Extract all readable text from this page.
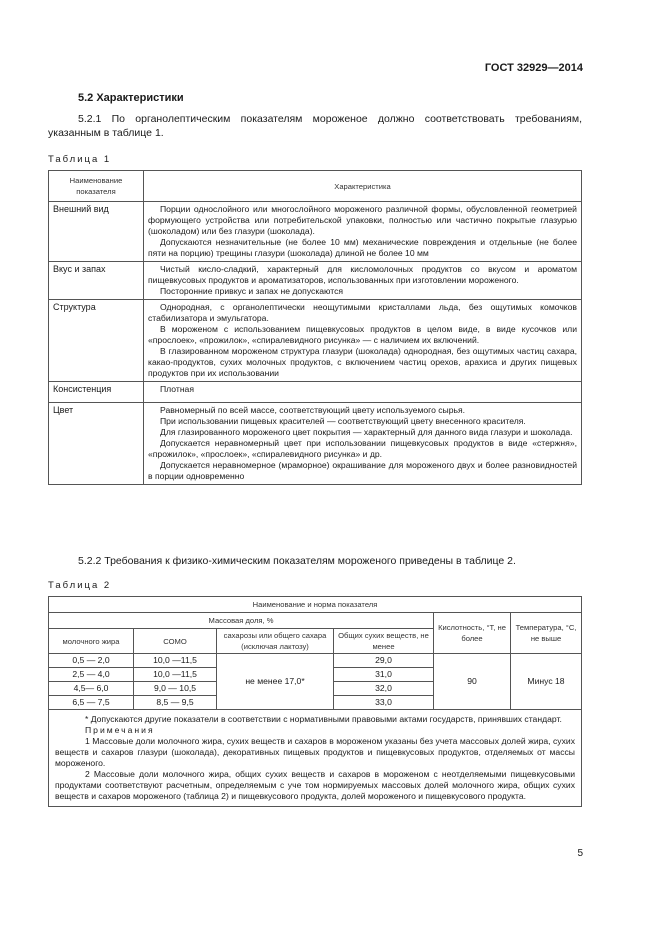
ГОСТ 32929—2014
5.2 Характеристики
5.2.1 По органолептическим показателям мороженое должно соответствовать требованиям, указанным в таблице 1.
Таблица 1
Наименование показателя	Характеристика
Внешний вид	Порции однослойного или многослойного мороженого различной формы, обусловленной геометрией формующего устройства или потребительской упаковки, полностью или частично покрытые глазурью (шоколадом) или без глазури (шоколада).
Допускаются незначительные (не более 10 мм) механические повреждения и отдельные (не более пяти на порцию) трещины глазури (шоколада) длиной не более 10 мм

Вкус и запах	Чистый кисло-сладкий, характерный для кисломолочных продуктов со вкусом и ароматом пищевкусовых продуктов и ароматизаторов, использованных при изготовлении мороженого.
Посторонние привкус и запах не допускаются

Структура	Однородная, с органолептически неощутимыми кристаллами льда, без ощутимых комочков стабилизатора и эмульгатора.
В мороженом с использованием пищевкусовых продуктов в целом виде, в виде кусочков или «прослоек», «прожилок», «спиралевидного рисунка» — с наличием их включений.
В глазированном мороженом структура глазури (шоколада) однородная, без ощутимых частиц сахара, какао-продуктов, сухих молочных продуктов, с включением частиц орехов, арахиса и других пищевых продуктов при их использовании

Консистенция	Плотная

Цвет	Равномерный по всей массе, соответствующий цвету используемого сырья.
При использовании пищевых красителей — соответствующий цвету внесенного красителя.
Для глазированного мороженого цвет покрытия — характерный для данного вида глазури и шоколада.
Допускается неравномерный цвет при использовании пищевкусовых продуктов в виде «стержня», «прожилок», «прослоек», «спиралевидного рисунка» и др.
Допускается неравномерное (мраморное) окрашивание для мороженого двух и более разновидностей в порции одновременно
5.2.2 Требования к физико-химическим показателям мороженого приведены в таблице 2.
Таблица 2
Наименование и норма показателя					
Массовая доля, %				Кислотность, °Т, не более	Температура, °С, не выше
молочного жира	СОМО	сахарозы или общего сахара (исключая лактозу)	Общих сухих веществ, не менее		
0,5 — 2,0	10,0 —11,5	не менее 17,0*	29,0	90	Минус 18
2,5 — 4,0	10,0 —11,5		31,0		
4,5— 6,0	9,0 — 10,5		32,0		
6,5 — 7,5	8,5 — 9,5		33,0		

* Допускаются другие показатели в соответствии с нормативными правовыми актами государств, принявших стандарт.
Примечания
1 Массовые доли молочного жира, сухих веществ и сахаров в мороженом указаны без учета массовых долей жира, сухих веществ и сахаров глазури (шоколада), декоративных пищевых продуктов и пищевкусовых продуктов, отделяемых от массы мороженого.
2 Массовые доли молочного жира, общих сухих веществ и сахаров в мороженом с неотделяемыми пищевкусовыми продуктами соответствуют расчетным, определяемым с уче том нормируемых массовых долей молочного жира, общих сухих веществ и сахаров мороженого (таблица 2) и пищевкусового продукта, долей мороженого и пищевкусового продукта.					
5
